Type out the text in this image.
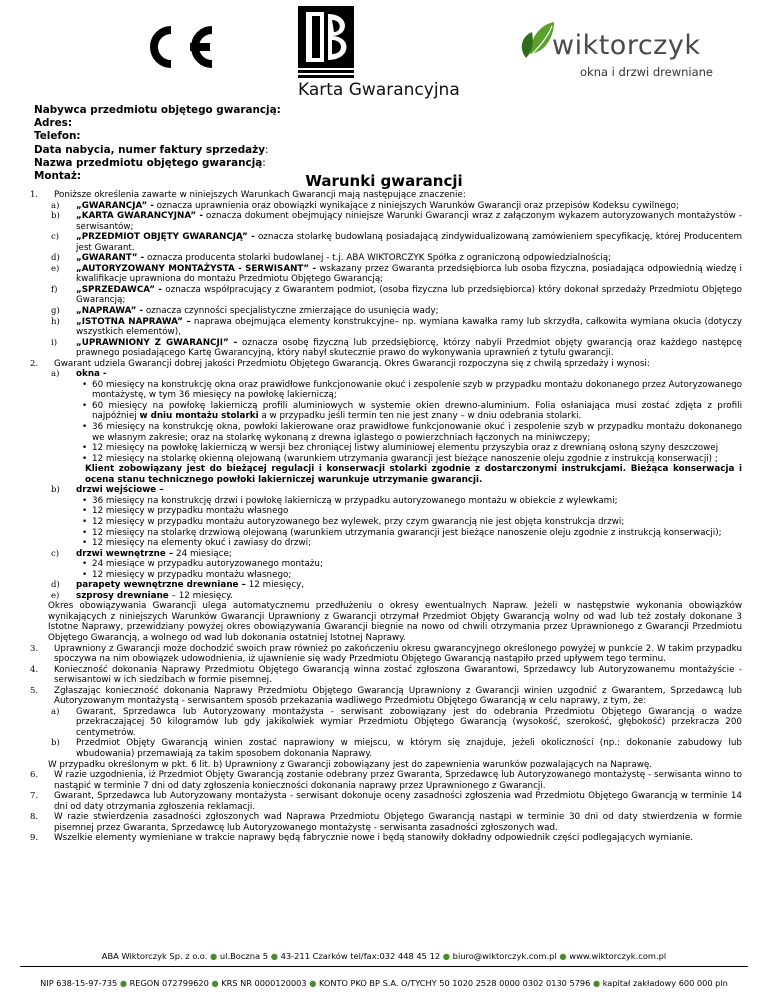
wiktorczyk
okna i drzwi drewniane
Karta Gwarancyjna
Nabywca przedmiotu objętego gwarancją:
Adres:
Telefon:
Data nabycia, numer faktury sprzedaży:
Nazwa przedmiotu objętego gwarancją:
Montaż:	Warunki gwarancji
1. Poniższe określenia zawarte w niniejszych Warunkach Gwarancji mają następujące znaczenie:
a) „GWARANCJA” - oznacza uprawnienia oraz obowiązki wynikające z niniejszych Warunków Gwarancji oraz przepisów Kodeksu cywilnego;
b) „KARTA GWARANCYJNA” - oznacza dokument obejmujący niniejsze Warunki Gwarancji wraz z załączonym wykazem autoryzowanych montażystów - serwisantów;
c) „PRZEDMIOT OBJĘTY GWARANCJĄ” - oznacza stolarkę budowlaną posiadającą zindywidualizowaną zamówieniem specyfikację, której Producentem jest Gwarant.
d) „GWARANT” - oznacza producenta stolarki budowlanej - t.j. ABA WIKTORCZYK Spółka z ograniczoną odpowiedzialnością;
e) „AUTORYZOWANY MONTAŻYSTA - SERWISANT” - wskazany przez Gwaranta przedsiębiorca lub osoba fizyczna, posiadająca odpowiednią wiedzę i kwalifikacje uprawniona do montażu Przedmiotu Objętego Gwarancją;
f) „SPRZEDAWCA” - oznacza współpracujący z Gwarantem podmiot, (osoba fizyczna lub przedsiębiorca) który dokonał sprzedaży Przedmiotu Objętego Gwarancją;
g) „NAPRAWA” - oznacza czynności specjalistyczne zmierzające do usunięcia wady;
h) „ISTOTNA NAPRAWA” – naprawa obejmująca elementy konstrukcyjne– np. wymiana kawałka ramy lub skrzydła, całkowita wymiana okucia (dotyczy wszystkich elementów),
i) „UPRAWNIONY Z GWARANCJI” - oznacza osobę fizyczną lub przedsiębiorcę, którzy nabyli Przedmiot objęty gwarancją oraz każdego następcę prawnego posiadającego Kartę Gwarancyjną, który nabył skutecznie prawo do wykonywania uprawnień z tytułu gwarancji.
2. Gwarant udziela Gwarancji dobrej jakości Przedmiotu Objętego Gwarancją. Okres Gwarancji rozpoczyna się z chwilą sprzedaży i wynosi:
a) okna -
• 60 miesięcy na konstrukcję okna oraz prawidłowe funkcjonowanie okuć i zespolenie szyb w przypadku montażu dokonanego przez Autoryzowanego montażystę, w tym 36 miesięcy na powłokę lakierniczą;
• 60 miesięcy na powłokę lakierniczą profili aluminiowych w systemie okien drewno-aluminium. Folia osłaniająca musi zostać zdjęta z profili najpóźniej w dniu montażu stolarki a w przypadku jeśli termin ten nie jest znany – w dniu odebrania stolarki.
• 36 miesięcy na konstrukcję okna, powłoki lakierowane oraz prawidłowe funkcjonowanie okuć i zespolenie szyb w przypadku montażu dokonanego we własnym zakresie; oraz na stolarkę wykonaną z drewna iglastego o powierzchniach łączonych na miniwczepy;
• 12 miesięcy na powłokę lakierniczą w wersji bez chroniącej listwy aluminiowej elementu przyszybia oraz z drewnianą osłoną szyny deszczowej
• 12 miesięcy na stolarkę okienną olejowaną (warunkiem utrzymania gwarancji jest bieżące nanoszenie oleju zgodnie z instrukcją konserwacji) ;
Klient zobowiązany jest do bieżącej regulacji i konserwacji stolarki zgodnie z dostarczonymi instrukcjami. Bieżąca konserwacja i ocena stanu technicznego powłoki lakierniczej warunkuje utrzymanie gwarancji.
b) drzwi wejściowe –
• 36 miesięcy na konstrukcję drzwi i powłokę lakierniczą w przypadku autoryzowanego montażu w obiekcie z wylewkami;
• 12 miesięcy w przypadku montażu własnego
• 12 miesięcy w przypadku montażu autoryzowanego bez wylewek, przy czym gwarancją nie jest objęta konstrukcja drzwi;
• 12 miesięcy na stolarkę drzwiową olejowaną (warunkiem utrzymania gwarancji jest bieżące nanoszenie oleju zgodnie z instrukcją konserwacji);
• 12 miesięcy na elementy okuć i zawiasy do drzwi;
c) drzwi wewnętrzne – 24 miesiące;
• 24 miesiące w przypadku autoryzowanego montażu;
• 12 miesięcy w przypadku montażu własnego;
d) parapety wewnętrzne drewniane – 12 miesięcy,
e) szprosy drewniane – 12 miesięcy.
Okres obowiązywania Gwarancji ulega automatycznemu przedłużeniu o okresy ewentualnych Napraw. Jeżeli w następstwie wykonania obowiązków wynikających z niniejszych Warunków Gwarancji Uprawniony z Gwarancji otrzymał Przedmiot Objęty Gwarancją wolny od wad lub też zostały dokonane 3 Istotne Naprawy, przewidziany powyżej okres obowiązywania Gwarancji biegnie na nowo od chwili otrzymania przez Uprawnionego z Gwarancji Przedmiotu Objętego Gwarancją, a wolnego od wad lub dokonania ostatniej Istotnej Naprawy.
3. Uprawniony z Gwarancji może dochodzić swoich praw również po zakończeniu okresu gwarancyjnego określonego powyżej w punkcie 2. W takim przypadku spoczywa na nim obowiązek udowodnienia, iż ujawnienie się wady Przedmiotu Objętego Gwarancją nastąpiło przed upływem tego terminu.
4. Konieczność dokonania Naprawy Przedmiotu Objętego Gwarancją winna zostać zgłoszona Gwarantowi, Sprzedawcy lub Autoryzowanemu montażyście - serwisantowi w ich siedzibach w formie pisemnej.
5. Zgłaszając konieczność dokonania Naprawy Przedmiotu Objętego Gwarancją Uprawniony z Gwarancji winien uzgodnić z Gwarantem, Sprzedawcą lub Autoryzowanym montażystą - serwisantem sposób przekazania wadliwego Przedmiotu Objętego Gwarancją w celu naprawy, z tym, że:
a) Gwarant, Sprzedawca lub Autoryzowany montażysta - serwisant zobowiązany jest do odebrania Przedmiotu Objętego Gwarancją o wadze przekraczającej 50 kilogramów lub gdy jakikolwiek wymiar Przedmiotu Objętego Gwarancją (wysokość, szerokość, głębokość) przekracza 200 centymetrów.
b) Przedmiot Objęty Gwarancją winien zostać naprawiony w miejscu, w którym się znajduje, jeżeli okoliczności (np.: dokonanie zabudowy lub wbudowania) przemawiają za takim sposobem dokonania Naprawy.
W przypadku określonym w pkt. 6 lit. b) Uprawniony z Gwarancji zobowiązany jest do zapewnienia warunków pozwalających na Naprawę.
6. W razie uzgodnienia, iż Przedmiot Objęty Gwarancją zostanie odebrany przez Gwaranta, Sprzedawcę lub Autoryzowanego montażystę - serwisanta winno to nastąpić w terminie 7 dni od daty zgłoszenia konieczności dokonania naprawy przez Uprawnionego z Gwarancji.
7. Gwarant, Sprzedawca lub Autoryzowany montażysta - serwisant dokonuje oceny zasadności zgłoszenia wad Przedmiotu Objętego Gwarancją w terminie 14 dni od daty otrzymania zgłoszenia reklamacji.
8. W razie stwierdzenia zasadności zgłoszonych wad Naprawa Przedmiotu Objętego Gwarancją nastąpi w terminie 30 dni od daty stwierdzenia w formie pisemnej przez Gwaranta, Sprzedawcę lub Autoryzowanego montażystę - serwisanta zasadności zgłoszonych wad.
9. Wszelkie elementy wymieniane w trakcie naprawy będą fabrycznie nowe i będą stanowiły dokładny odpowiednik części podlegających wymianie.
ABA Wiktorczyk Sp. z o.o. ● ul.Boczna 5 ● 43-211 Czarków tel/fax:032 448 45 12 ● biuro@wiktorczyk.com.pl ● www.wiktorczyk.com.pl
NIP 638-15-97-735 ● REGON 072799620 ● KRS NR 0000120003 ● KONTO PKO BP S.A. O/TYCHY 50 1020 2528 0000 0302 0130 5796 ● kapitał zakładowy 600 000 pln
